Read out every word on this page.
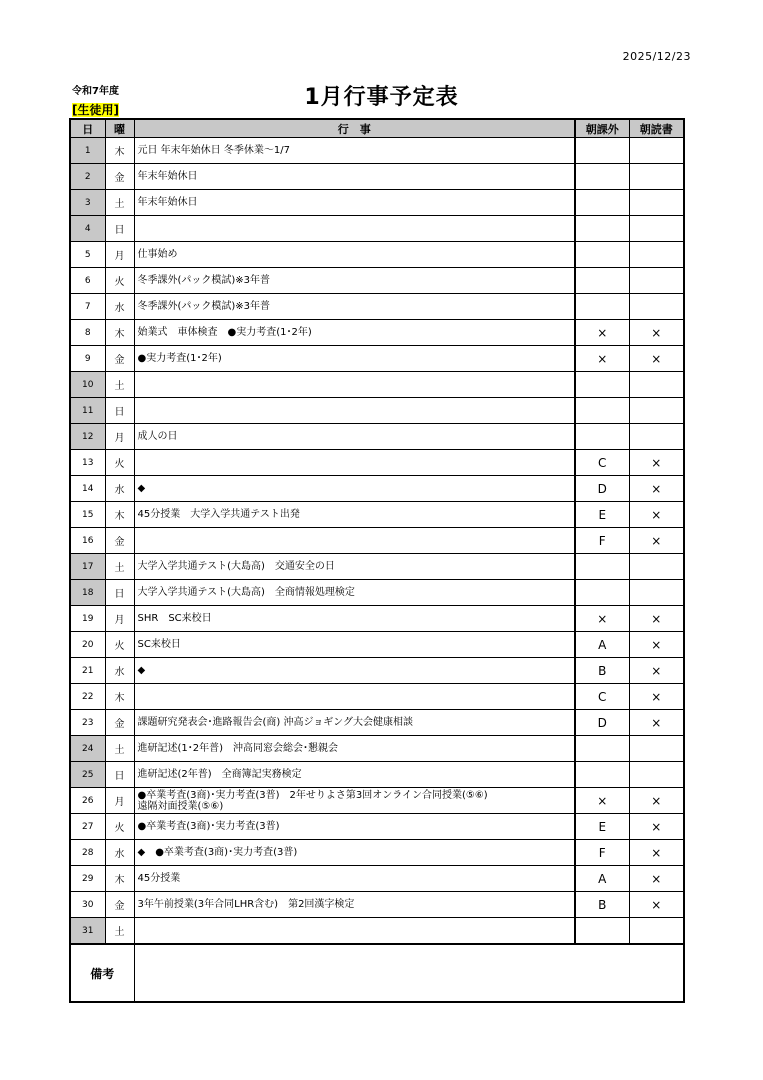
2025/12/23
令和7年度
[生徒用]	1月行事予定表
日	曜	行　事	朝課外	朝読書
1	木	元日 年末年始休日 冬季休業〜1/7		
2	金	年末年始休日		
3	土	年末年始休日		
4	日			
5	月	仕事始め		
6	火	冬季課外(パック模試)※3年普		
7	水	冬季課外(パック模試)※3年普		
8	木	始業式　車体検査　●実力考査(1･2年)	×	×
9	金	●実力考査(1･2年)	×	×
10	土			
11	日			
12	月	成人の日		
13	火		C	×
14	水	◆	D	×
15	木	45分授業　大学入学共通テスト出発	E	×
16	金		F	×
17	土	大学入学共通テスト(大島高)　交通安全の日		
18	日	大学入学共通テスト(大島高)　全商情報処理検定		
19	月	SHR　SC来校日	×	×
20	火	SC来校日	A	×
21	水	◆	B	×
22	木		C	×
23	金	課題研究発表会･進路報告会(商) 沖高ジョギング大会健康相談	D	×
24	土	進研記述(1･2年普)　沖高同窓会総会･懇親会		
25	日	進研記述(2年普)　全商簿記実務検定		
26	月	●卒業考査(3商)･実力考査(3普)　2年せりよさ第3回オンライン合同授業(⑤⑥)
遠隔対面授業(⑤⑥)	×	×
27	火	●卒業考査(3商)･実力考査(3普)	E	×
28	水	◆　●卒業考査(3商)･実力考査(3普)	F	×
29	木	45分授業	A	×
30	金	3年午前授業(3年合同LHR含む)　第2回漢字検定	B	×
31	土			
備考				
